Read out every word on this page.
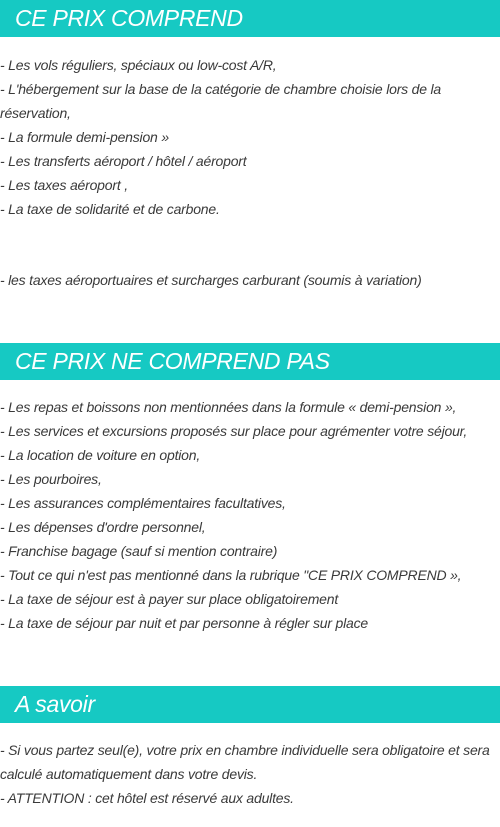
CE PRIX COMPREND
- Les vols réguliers, spéciaux ou low-cost A/R,
- L'hébergement sur la base de la catégorie de chambre choisie lors de la réservation,
- La formule demi-pension »
- Les transferts aéroport / hôtel / aéroport
- Les taxes aéroport ,
- La taxe de solidarité et de carbone.
- les taxes aéroportuaires et surcharges carburant (soumis à variation)
CE PRIX NE COMPREND PAS
- Les repas et boissons non mentionnées dans la formule « demi-pension »,
- Les services et excursions proposés sur place pour agrémenter votre séjour,
- La location de voiture en option,
- Les pourboires,
- Les assurances complémentaires facultatives,
- Les dépenses d'ordre personnel,
- Franchise bagage (sauf si mention contraire)
- Tout ce qui n'est pas mentionné dans la rubrique "CE PRIX COMPREND »,
- La taxe de séjour est à payer sur place obligatoirement
- La taxe de séjour par nuit et par personne à régler sur place
A savoir
- Si vous partez seul(e), votre prix en chambre individuelle sera obligatoire et sera calculé automatiquement dans votre devis.
- ATTENTION : cet hôtel est réservé aux adultes.
